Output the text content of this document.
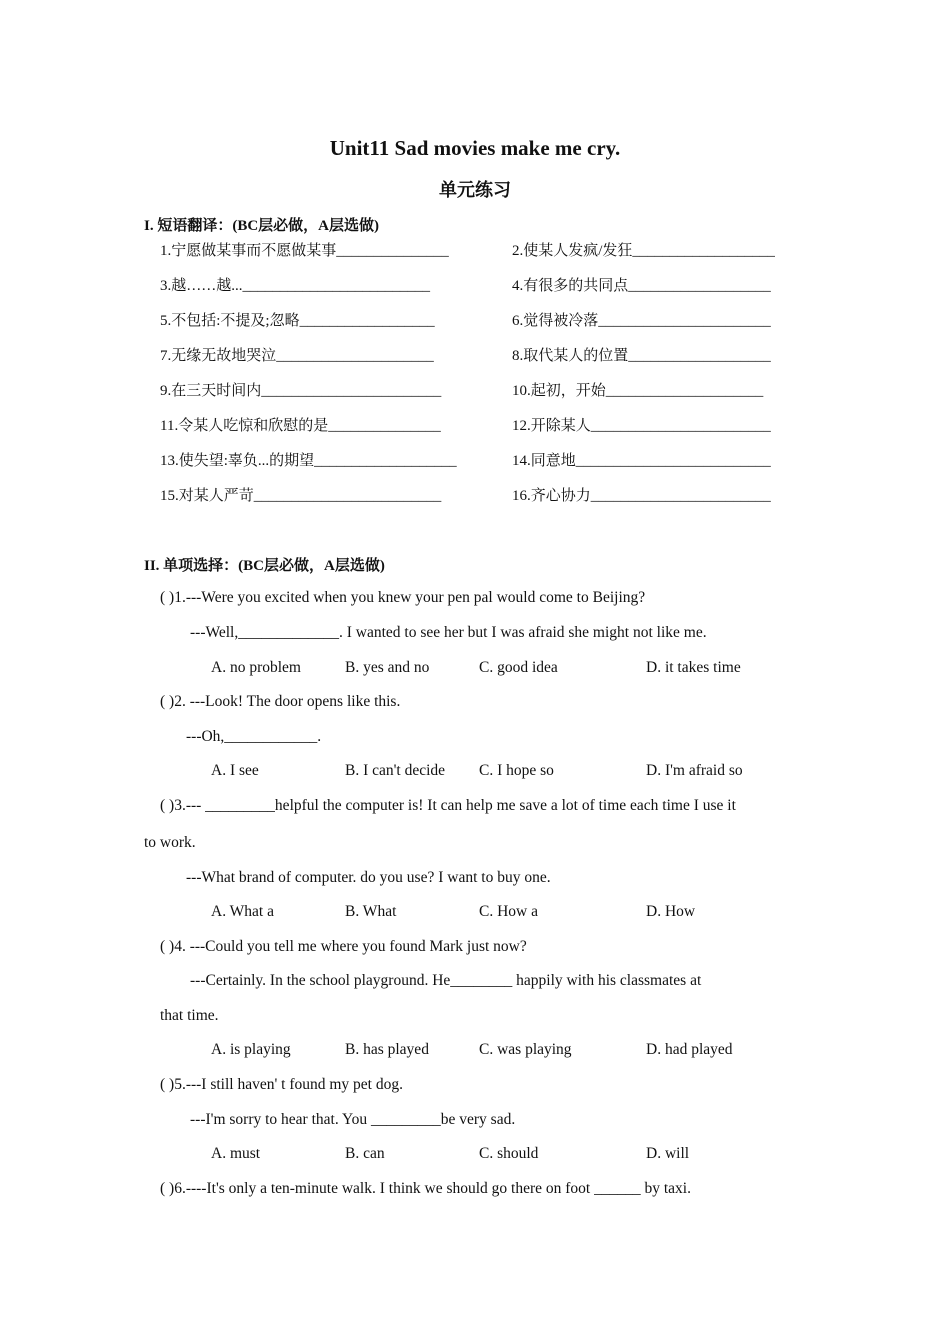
Unit11 Sad movies make me cry.
单元练习
I. 短语翻译：(BC层必做，A层选做)
1.宁愿做某事而不愿做某事_______________	2.使某人发疯/发狂___________________
3.越……越..._________________________	4.有很多的共同点___________________
5.不包括:不提及;忽略__________________	6.觉得被冷落_______________________
7.无缘无故地哭泣_____________________	8.取代某人的位置___________________
9.在三天时间内________________________	10.起初，开始_____________________
11.令某人吃惊和欣慰的是_______________	12.开除某人________________________
13.使失望:辜负...的期望___________________	14.同意地__________________________
15.对某人严苛_________________________	16.齐心协力________________________
II. 单项选择：(BC层必做，A层选做)
( )1.---Were you excited when you knew your pen pal would come to Beijing?
---Well,_____________. I wanted to see her but I was afraid she might not like me.
A. no problem	B. yes and no	C. good idea	D. it takes time
( )2. ---Look! The door opens like this.
---Oh,____________.
A. I see	B. I can't decide C. I hope so	D. I'm afraid so
( )3.--- _________helpful the computer is! It can help me save a lot of time each time I use it
to work.
---What brand of computer. do you use? I want to buy one.
A. What a	B. What	C. How a	D. How
( )4. ---Could you tell me where you found Mark just now?
---Certainly. In the school playground. He________ happily with his classmates at
that time.
A. is playing	B. has played	C. was playing	D. had played
( )5.---I still haven' t found my pet dog.
---I'm sorry to hear that. You _________be very sad.
A. must	B. can	C. should	D. will
( )6.----It's only a ten-minute walk. I think we should go there on foot ______ by taxi.
